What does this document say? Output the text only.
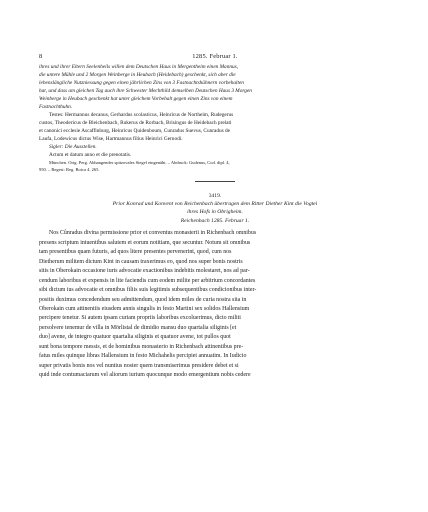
8	1285. Februar 1.
ihres und ihrer Eltern Seelenheils willen dem Deutschen Haus in Mergentheim einen Mannus,
die untere Mühle und 2 Morgen Weinberge in Heubach (Heidebach) geschenkt, sich aber die
lebenslängliche Nutzniessung gegen einen jährlichen Zins von 3 Fastnachtshühnern vorbehalten
hat, und dass am gleichen Tag auch ihre Schwester Mechthild demselben Deutschen Haus 3 Morgen
Weinberge in Heubach geschenkt hat unter gleichem Vorbehalt gegen einen Zins von einem
Fastnachthuhn.
Testes: Hermannus decanus, Gerhardus scolasticus, Heinricus de Northeim, Rudegerus
custos, Theodericus de Bleichenbach, Rukerus de Rorbach, Brisingus de Heidebach prelati
et canonici ecclesie Ascaffinburg, Heinricus Quidenboum, Cunradus Suevus, Cunradus de
Laufa, Lodewicus dictus Wise, Hartmannus filius Heinrici Gernodi.
Sigler: Die Ausstellen.
Actum et datum anno et die prenotatis.
München. Orig. Perg. Abhangendes spitzovales Siegel eingenäht. – Abdruck: Gudenus, Cod. dipl. 4,
950. – Regest: Reg. Boica 4. 265.
3419.
Prior Konrad und Konvent von Reichenbach übertragen dem Ritter Diether Kint die Vogtei
ihres Hofs in Obrigheim.
Reichenbach 1285. Februar 1.
Nos Cûnradus divina permissione prior et conventus monasterii in Richenbach omnibus
presens scriptum intuentibus salutem et eorum notitiam, que secuntur. Notum sit omnibus
tam presentibus quam futuris, ad quos litere presentes pervenerint, quod, cum nos
Dietherum militem dictum Kint in causam traxerimus eo, quod nos super bonis nostris
sitis in Oberokain occasione iuris advocatie exactionibus indebitis molestaret, nos ad par-
cendum laboribus et expensis in lite faciendis cum eodem milite per arbitrium concordantes
sibi dictum ius advocatie et omnibus filiis suis legitimis subsequentibus condicionibus inter-
positis duximus concedendum seu admittendum, quod idem miles de curia nostra sita in
Oberokain cum attinentiis eiusdem annis singulis in festo Martini sex solidos Hallensium
percipere tenetur. Si autem ipsam curiam propriis laboribus excoluerimus, dicto militi
persolvere tenemur de villa in Mörlistal de dimidio mansu duo quartalia siliginis [et
duo] avene, de integro quatuor quartalia siliginis et quatuor avene, tot pullos quot
sunt bona tempore messis, et de hominibus monasterio in Richenbach attinentibus pre-
fatus miles quinque libras Hallensium in festo Michahelis percipiet annuatim. In Iudicio
super privatis bonis nos vel nuntius noster quem transmiserimus presidere debet et si
quid inde contumaciarum vel aliorum iurium quocunque modo emergentium nobis cedere
